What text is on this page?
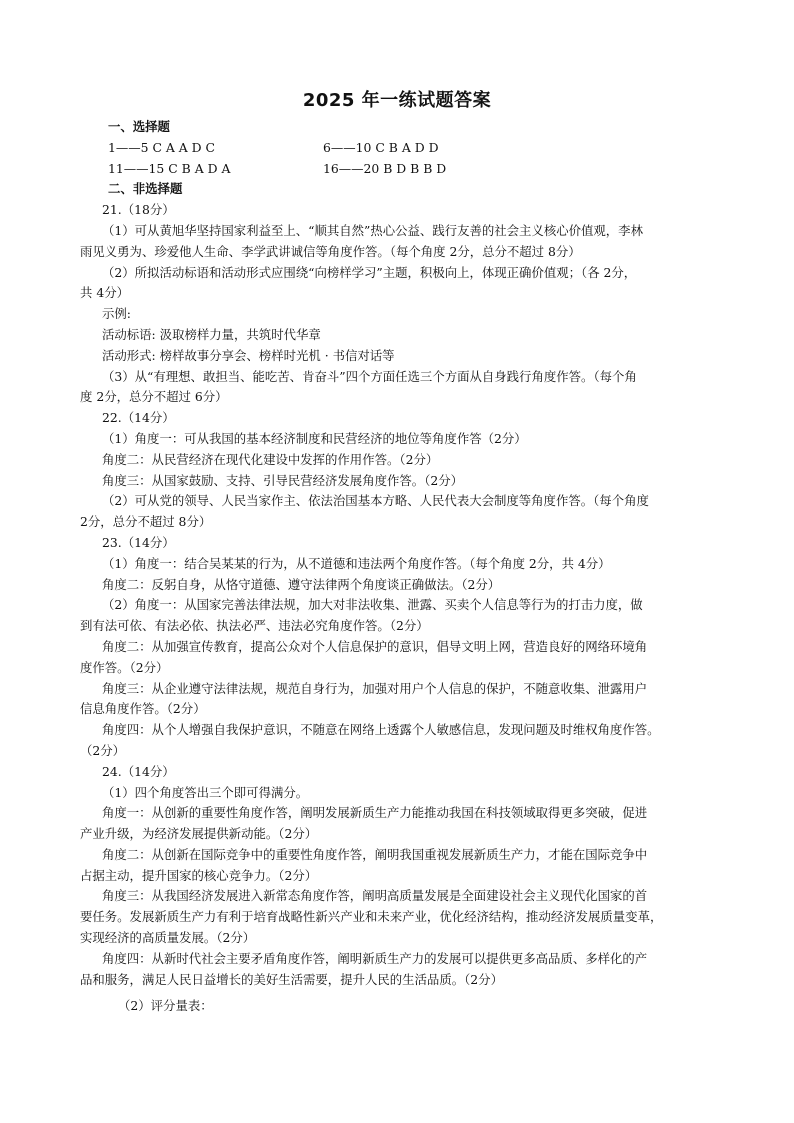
2025 年一练试题答案
一、选择题
1——5 C A A D C	6——10 C B A D D
11——15 C B A D A	16——20 B D B B D
二、非选择题
21.（18分）
（1）可从黄旭华坚持国家利益至上、“顺其自然”热心公益、践行友善的社会主义核心价值观，李林
雨见义勇为、珍爱他人生命、李学武讲诚信等角度作答。（每个角度 2分，总分不超过 8分）
（2）所拟活动标语和活动形式应围绕“向榜样学习”主题，积极向上，体现正确价值观；（各 2分，
共 4分）
示例:
活动标语: 汲取榜样力量，共筑时代华章
活动形式: 榜样故事分享会、榜样时光机 · 书信对话等
（3）从“有理想、敢担当、能吃苦、肯奋斗”四个方面任选三个方面从自身践行角度作答。（每个角
度 2分，总分不超过 6分）
22.（14分）
（1）角度一：可从我国的基本经济制度和民营经济的地位等角度作答（2分）
角度二：从民营经济在现代化建设中发挥的作用作答。（2分）
角度三：从国家鼓励、支持、引导民营经济发展角度作答。（2分）
（2）可从党的领导、人民当家作主、依法治国基本方略、人民代表大会制度等角度作答。（每个角度
2分，总分不超过 8分）
23.（14分）
（1）角度一：结合吴某某的行为，从不道德和违法两个角度作答。（每个角度 2分，共 4分）
角度二：反躬自身，从恪守道德、遵守法律两个角度谈正确做法。（2分）
（2）角度一：从国家完善法律法规，加大对非法收集、泄露、买卖个人信息等行为的打击力度，做
到有法可依、有法必依、执法必严、违法必究角度作答。（2分）
角度二：从加强宣传教育，提高公众对个人信息保护的意识，倡导文明上网，营造良好的网络环境角
度作答。（2分）
角度三：从企业遵守法律法规，规范自身行为，加强对用户个人信息的保护，不随意收集、泄露用户
信息角度作答。（2分）
角度四：从个人增强自我保护意识，不随意在网络上透露个人敏感信息，发现问题及时维权角度作答。
（2分）
24.（14分）
（1）四个角度答出三个即可得满分。
角度一：从创新的重要性角度作答，阐明发展新质生产力能推动我国在科技领域取得更多突破，促进
产业升级，为经济发展提供新动能。（2分）
角度二：从创新在国际竞争中的重要性角度作答，阐明我国重视发展新质生产力，才能在国际竞争中
占据主动，提升国家的核心竞争力。（2分）
角度三：从我国经济发展进入新常态角度作答，阐明高质量发展是全面建设社会主义现代化国家的首
要任务。发展新质生产力有利于培育战略性新兴产业和未来产业，优化经济结构，推动经济发展质量变革，
实现经济的高质量发展。（2分）
角度四：从新时代社会主要矛盾角度作答，阐明新质生产力的发展可以提供更多高品质、多样化的产
品和服务，满足人民日益增长的美好生活需要，提升人民的生活品质。（2分）
（2）评分量表：
